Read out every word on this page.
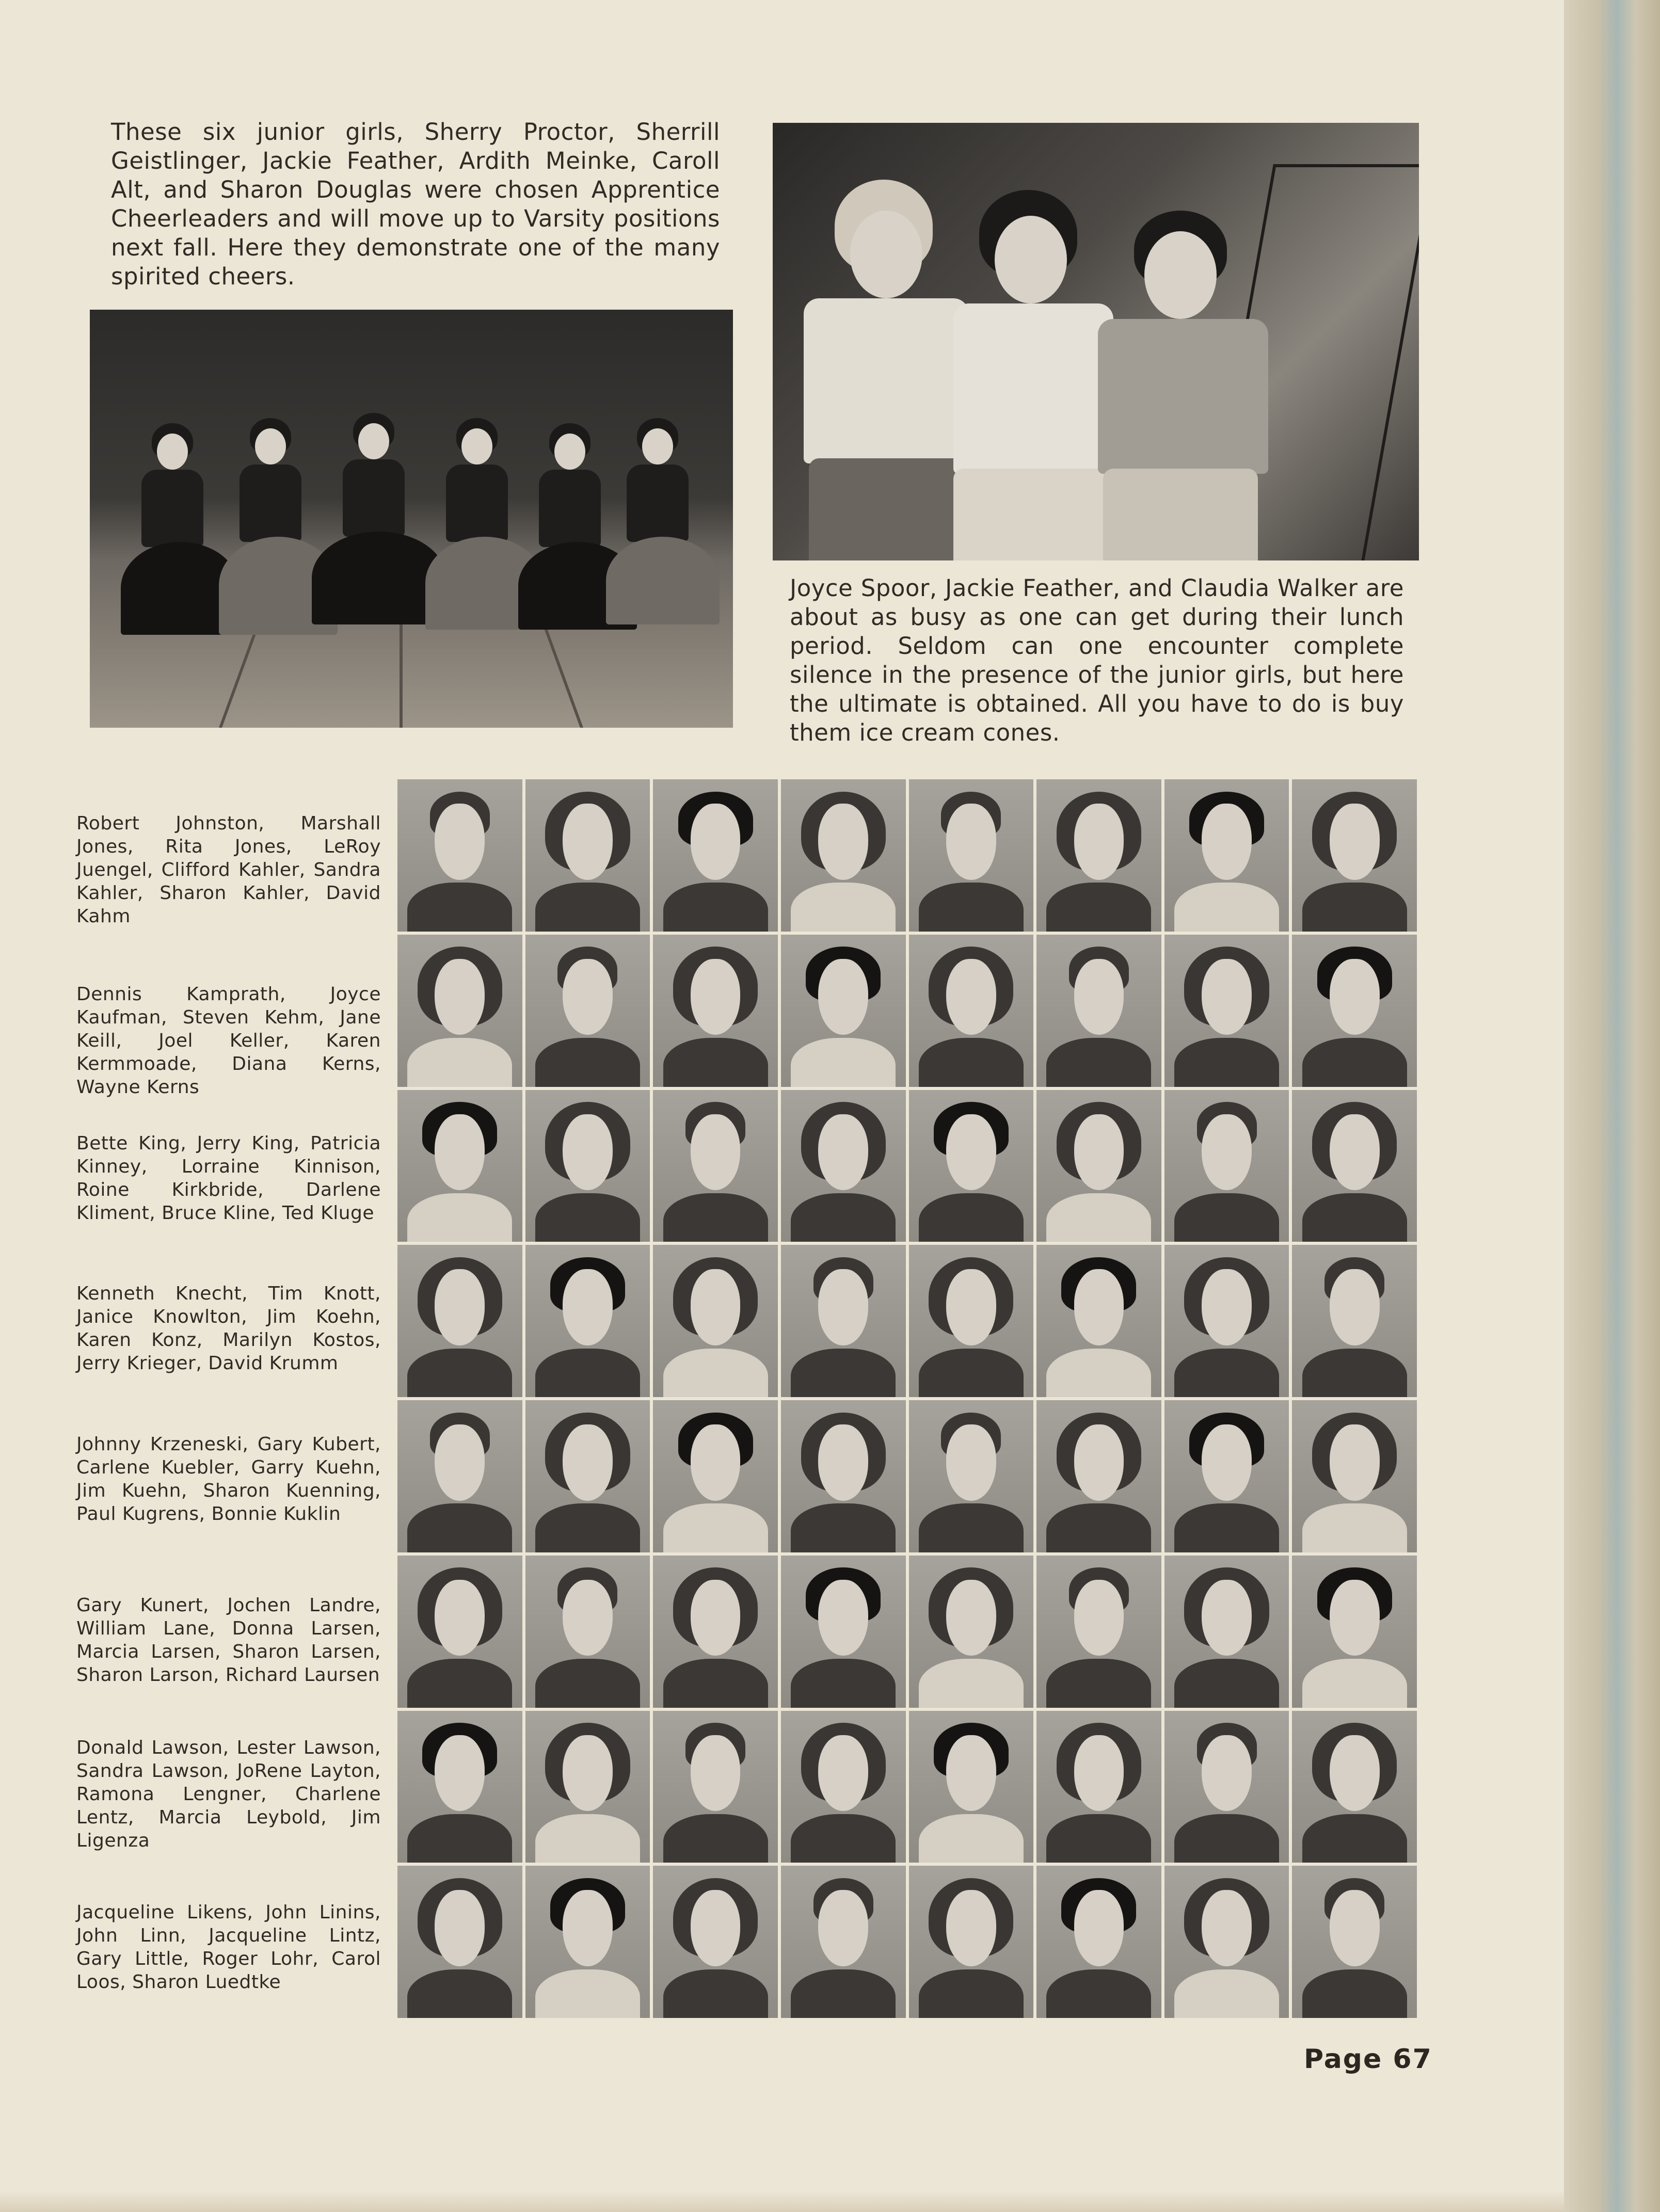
These six junior girls, Sherry Proctor, Sherrill Geistlinger, Jackie Feather, Ardith Meinke, Caroll Alt, and Sharon Douglas were chosen Apprentice Cheerleaders and will move up to Varsity positions next fall. Here they demonstrate one of the many spirited cheers.

Joyce Spoor, Jackie Feather, and Claudia Walker are about as busy as one can get during their lunch period. Seldom can one encounter complete silence in the presence of the junior girls, but here the ultimate is obtained. All you have to do is buy them ice cream cones.

Robert Johnston, Marshall Jones, Rita Jones, LeRoy Juengel, Clifford Kahler, Sandra Kahler, Sharon Kahler, David Kahm

Dennis Kamprath, Joyce Kaufman, Steven Kehm, Jane Keill, Joel Keller, Karen Kermmoade, Diana Kerns, Wayne Kerns

Bette King, Jerry King, Patricia Kinney, Lorraine Kinnison, Roine Kirkbride, Darlene Kliment, Bruce Kline, Ted Kluge

Kenneth Knecht, Tim Knott, Janice Knowlton, Jim Koehn, Karen Konz, Marilyn Kostos, Jerry Krieger, David Krumm

Johnny Krzeneski, Gary Kubert, Carlene Kuebler, Garry Kuehn, Jim Kuehn, Sharon Kuenning, Paul Kugrens, Bonnie Kuklin

Gary Kunert, Jochen Landre, William Lane, Donna Larsen, Marcia Larsen, Sharon Larsen, Sharon Larson, Richard Laursen

Donald Lawson, Lester Lawson, Sandra Lawson, JoRene Layton, Ramona Lengner, Charlene Lentz, Marcia Leybold, Jim Ligenza

Jacqueline Likens, John Linins, John Linn, Jacqueline Lintz, Gary Little, Roger Lohr, Carol Loos, Sharon Luedtke

Page 67
